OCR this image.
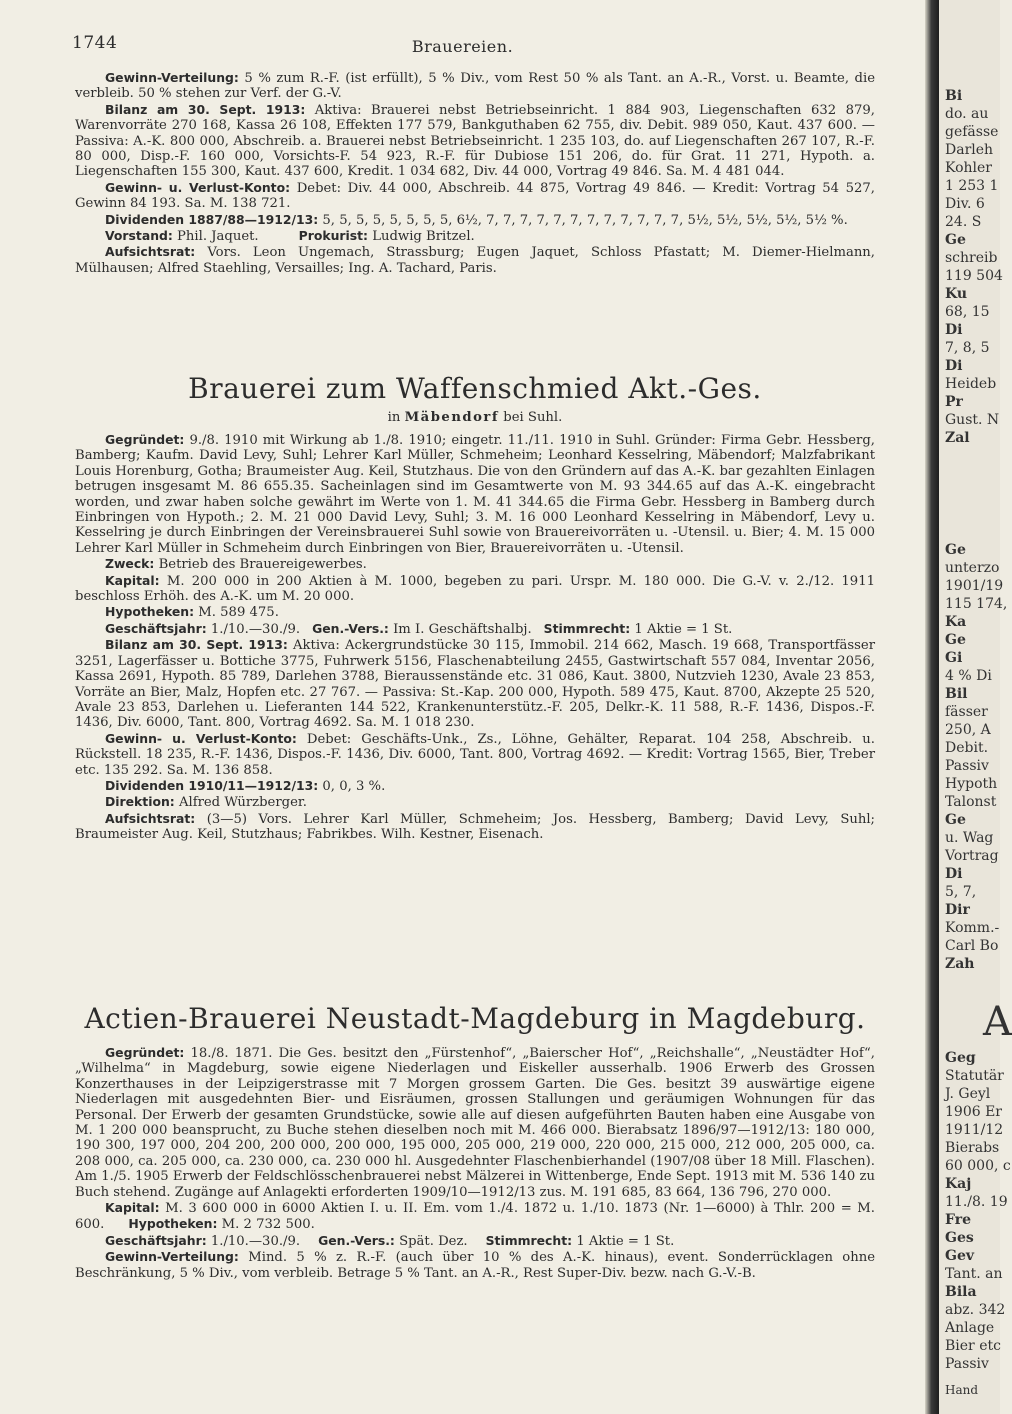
1744	Brauereien.

Gewinn-Verteilung: 5 % zum R.-F. (ist erfüllt), 5 % Div., vom Rest 50 % als Tant. an A.-R., Vorst. u. Beamte, die verbleib. 50 % stehen zur Verf. der G.-V.

Bilanz am 30. Sept. 1913: Aktiva: Brauerei nebst Betriebseinricht. 1 884 903, Liegenschaften 632 879, Warenvorräte 270 168, Kassa 26 108, Effekten 177 579, Bankguthaben 62 755, div. Debit. 989 050, Kaut. 437 600. — Passiva: A.-K. 800 000, Abschreib. a. Brauerei nebst Betriebseinricht. 1 235 103, do. auf Liegenschaften 267 107, R.-F. 80 000, Disp.-F. 160 000, Vorsichts-F. 54 923, R.-F. für Dubiose 151 206, do. für Grat. 11 271, Hypoth. a. Liegenschaften 155 300, Kaut. 437 600, Kredit. 1 034 682, Div. 44 000, Vortrag 49 846. Sa. M. 4 481 044.

Gewinn- u. Verlust-Konto: Debet: Div. 44 000, Abschreib. 44 875, Vortrag 49 846. — Kredit: Vortrag 54 527, Gewinn 84 193. Sa. M. 138 721.

Dividenden 1887/88—1912/13: 5, 5, 5, 5, 5, 5, 5, 5, 6½, 7, 7, 7, 7, 7, 7, 7, 7, 7, 7, 7, 7, 5½, 5½, 5½, 5½, 5½ %.

Vorstand: Phil. Jaquet.	Prokurist: Ludwig Britzel.

Aufsichtsrat: Vors. Leon Ungemach, Strassburg; Eugen Jaquet, Schloss Pfastatt; M. Diemer-Hielmann, Mülhausen; Alfred Staehling, Versailles; Ing. A. Tachard, Paris.

Brauerei zum Waffenschmied Akt.-Ges.
in Mäbendorf bei Suhl.

Gegründet: 9./8. 1910 mit Wirkung ab 1./8. 1910; eingetr. 11./11. 1910 in Suhl. Gründer: Firma Gebr. Hessberg, Bamberg; Kaufm. David Levy, Suhl; Lehrer Karl Müller, Schmeheim; Leonhard Kesselring, Mäbendorf; Malzfabrikant Louis Horenburg, Gotha; Braumeister Aug. Keil, Stutzhaus. Die von den Gründern auf das A.-K. bar gezahlten Einlagen betrugen insgesamt M. 86 655.35. Sacheinlagen sind im Gesamtwerte von M. 93 344.65 auf das A.-K. eingebracht worden, und zwar haben solche gewährt im Werte von 1. M. 41 344.65 die Firma Gebr. Hessberg in Bamberg durch Einbringen von Hypoth.; 2. M. 21 000 David Levy, Suhl; 3. M. 16 000 Leonhard Kesselring in Mäbendorf, Levy u. Kesselring je durch Einbringen der Vereinsbrauerei Suhl sowie von Brauereivorräten u. -Utensil. u. Bier; 4. M. 15 000 Lehrer Karl Müller in Schmeheim durch Einbringen von Bier, Brauereivorräten u. -Utensil.

Zweck: Betrieb des Brauereigewerbes.

Kapital: M. 200 000 in 200 Aktien à M. 1000, begeben zu pari. Urspr. M. 180 000. Die G.-V. v. 2./12. 1911 beschloss Erhöh. des A.-K. um M. 20 000.

Hypotheken: M. 589 475.

Geschäftsjahr: 1./10.—30./9. Gen.-Vers.: Im I. Geschäftshalbj. Stimmrecht: 1 Aktie = 1 St.

Bilanz am 30. Sept. 1913: Aktiva: Ackergrundstücke 30 115, Immobil. 214 662, Masch. 19 668, Transportfässer 3251, Lagerfässer u. Bottiche 3775, Fuhrwerk 5156, Flaschenabteilung 2455, Gastwirtschaft 557 084, Inventar 2056, Kassa 2691, Hypoth. 85 789, Darlehen 3788, Bieraussenstände etc. 31 086, Kaut. 3800, Nutzvieh 1230, Avale 23 853, Vorräte an Bier, Malz, Hopfen etc. 27 767. — Passiva: St.-Kap. 200 000, Hypoth. 589 475, Kaut. 8700, Akzepte 25 520, Avale 23 853, Darlehen u. Lieferanten 144 522, Krankenunterstütz.-F. 205, Delkr.-K. 11 588, R.-F. 1436, Dispos.-F. 1436, Div. 6000, Tant. 800, Vortrag 4692. Sa. M. 1 018 230.

Gewinn- u. Verlust-Konto: Debet: Geschäfts-Unk., Zs., Löhne, Gehälter, Reparat. 104 258, Abschreib. u. Rückstell. 18 235, R.-F. 1436, Dispos.-F. 1436, Div. 6000, Tant. 800, Vortrag 4692. — Kredit: Vortrag 1565, Bier, Treber etc. 135 292. Sa. M. 136 858.

Dividenden 1910/11—1912/13: 0, 0, 3 %.

Direktion: Alfred Würzberger.

Aufsichtsrat: (3—5) Vors. Lehrer Karl Müller, Schmeheim; Jos. Hessberg, Bamberg; David Levy, Suhl; Braumeister Aug. Keil, Stutzhaus; Fabrikbes. Wilh. Kestner, Eisenach.

Actien-Brauerei Neustadt-Magdeburg in Magdeburg.

Gegründet: 18./8. 1871. Die Ges. besitzt den „Fürstenhof“, „Baierscher Hof“, „Reichshalle“, „Neustädter Hof“, „Wilhelma“ in Magdeburg, sowie eigene Niederlagen und Eiskeller ausserhalb. 1906 Erwerb des Grossen Konzerthauses in der Leipzigerstrasse mit 7 Morgen grossem Garten. Die Ges. besitzt 39 auswärtige eigene Niederlagen mit ausgedehnten Bier- und Eisräumen, grossen Stallungen und geräumigen Wohnungen für das Personal. Der Erwerb der gesamten Grundstücke, sowie alle auf diesen aufgeführten Bauten haben eine Ausgabe von M. 1 200 000 beansprucht, zu Buche stehen dieselben noch mit M. 466 000. Bierabsatz 1896/97—1912/13: 180 000, 190 300, 197 000, 204 200, 200 000, 200 000, 195 000, 205 000, 219 000, 220 000, 215 000, 212 000, 205 000, ca. 208 000, ca. 205 000, ca. 230 000, ca. 230 000 hl. Ausgedehnter Flaschenbierhandel (1907/08 über 18 Mill. Flaschen). Am 1./5. 1905 Erwerb der Feldschlösschenbrauerei nebst Mälzerei in Wittenberge, Ende Sept. 1913 mit M. 536 140 zu Buch stehend. Zugänge auf Anlagekti erforderten 1909/10—1912/13 zus. M. 191 685, 83 664, 136 796, 270 000.

Kapital: M. 3 600 000 in 6000 Aktien I. u. II. Em. vom 1./4. 1872 u. 1./10. 1873 (Nr. 1—6000) à Thlr. 200 = M. 600. Hypotheken: M. 2 732 500.

Geschäftsjahr: 1./10.—30./9. Gen.-Vers.: Spät. Dez. Stimmrecht: 1 Aktie = 1 St.

Gewinn-Verteilung: Mind. 5 % z. R.-F. (auch über 10 % des A.-K. hinaus), event. Sonderrücklagen ohne Beschränkung, 5 % Div., vom verbleib. Betrage 5 % Tant. an A.-R., Rest Super-Div. bezw. nach G.-V.-B.

Bi
do. au
gefässe
Darleh
Kohler
1 253 1
Div. 6
24. S
Ge
schreib
119 504
Ku
68, 15
Di
7, 8, 5
Di
Heideb
Pr
Gust. N
Zal
Ge
unterzo
1901/19
115 174,
Ka
Ge
Gi
4 % Di
Bil
fässer
250, A
Debit.
Passiv
Hypoth
Talonst
Ge
u. Wag
Vortrag
Di
5, 7,
Dir
Komm.-
Carl Bo
Zah
A
Geg
Statutär
J. Geyl
1906 Er
1911/12
Bierabs
60 000, c
Kaj
11./8. 19
Fre
Ges
Gev
Tant. an
Bila
abz. 342
Anlage
Bier etc
Passiv
Hand
